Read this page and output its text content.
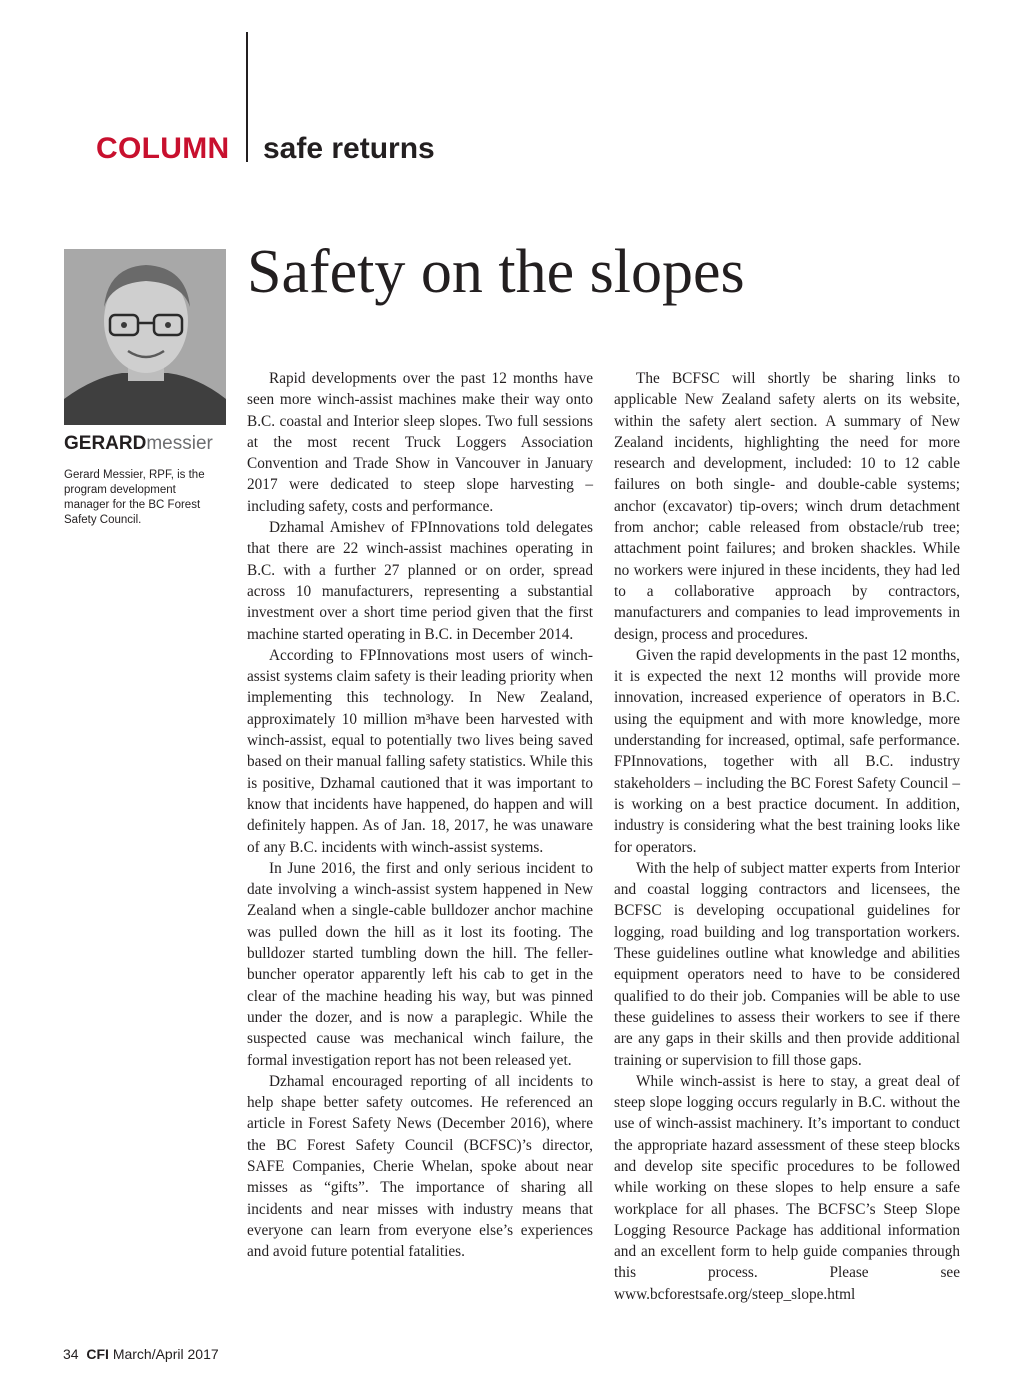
COLUMN safe returns
Safety on the slopes
GERARDmessier

Gerard Messier, RPF, is the program development manager for the BC Forest Safety Council.

Rapid developments over the past 12 months have seen more winch-assist machines make their way onto B.C. coastal and Interior sleep slopes. Two full sessions at the most recent Truck Loggers Association Convention and Trade Show in Vancouver in January 2017 were dedicated to steep slope harvesting – including safety, costs and performance.

Dzhamal Amishev of FPInnovations told delegates that there are 22 winch-assist machines operating in B.C. with a further 27 planned or on order, spread across 10 manufacturers, representing a substantial investment over a short time period given that the first machine started operating in B.C. in December 2014.

According to FPInnovations most users of winch-assist systems claim safety is their leading priority when implementing this technology. In New Zealand, approximately 10 million m³have been harvested with winch-assist, equal to potentially two lives being saved based on their manual falling safety statistics. While this is positive, Dzhamal cautioned that it was important to know that incidents have happened, do happen and will definitely happen. As of Jan. 18, 2017, he was unaware of any B.C. incidents with winch-assist systems.

In June 2016, the first and only serious incident to date involving a winch-assist system happened in New Zealand when a single-cable bulldozer anchor machine was pulled down the hill as it lost its footing. The bulldozer started tumbling down the hill. The feller-buncher operator apparently left his cab to get in the clear of the machine heading his way, but was pinned under the dozer, and is now a paraplegic. While the suspected cause was mechanical winch failure, the formal investigation report has not been released yet.

Dzhamal encouraged reporting of all incidents to help shape better safety outcomes. He referenced an article in Forest Safety News (December 2016), where the BC Forest Safety Council (BCFSC)’s director, SAFE Companies, Cherie Whelan, spoke about near misses as “gifts”. The importance of sharing all incidents and near misses with industry means that everyone can learn from everyone else’s experiences and avoid future potential fatalities.

The BCFSC will shortly be sharing links to applicable New Zealand safety alerts on its website, within the safety alert section. A summary of New Zealand incidents, highlighting the need for more research and development, included: 10 to 12 cable failures on both single- and double-cable systems; anchor (excavator) tip-overs; winch drum detachment from anchor; cable released from obstacle/rub tree; attachment point failures; and broken shackles. While no workers were injured in these incidents, they had led to a collaborative approach by contractors, manufacturers and companies to lead improvements in design, process and procedures.

Given the rapid developments in the past 12 months, it is expected the next 12 months will provide more innovation, increased experience of operators in B.C. using the equipment and with more knowledge, more understanding for increased, optimal, safe performance. FPInnovations, together with all B.C. industry stakeholders – including the BC Forest Safety Council – is working on a best practice document. In addition, industry is considering what the best training looks like for operators.

With the help of subject matter experts from Interior and coastal logging contractors and licensees, the BCFSC is developing occupational guidelines for logging, road building and log transportation workers. These guidelines outline what knowledge and abilities equipment operators need to have to be considered qualified to do their job. Companies will be able to use these guidelines to assess their workers to see if there are any gaps in their skills and then provide additional training or supervision to fill those gaps.

While winch-assist is here to stay, a great deal of steep slope logging occurs regularly in B.C. without the use of winch-assist machinery. It’s important to conduct the appropriate hazard assessment of these steep blocks and develop site specific procedures to be followed while working on these slopes to help ensure a safe workplace for all phases. The BCFSC’s Steep Slope Logging Resource Package has additional information and an excellent form to help guide companies through this process. Please see www.bcforestsafe.org/steep_slope.html

34 CFI March/April 2017
